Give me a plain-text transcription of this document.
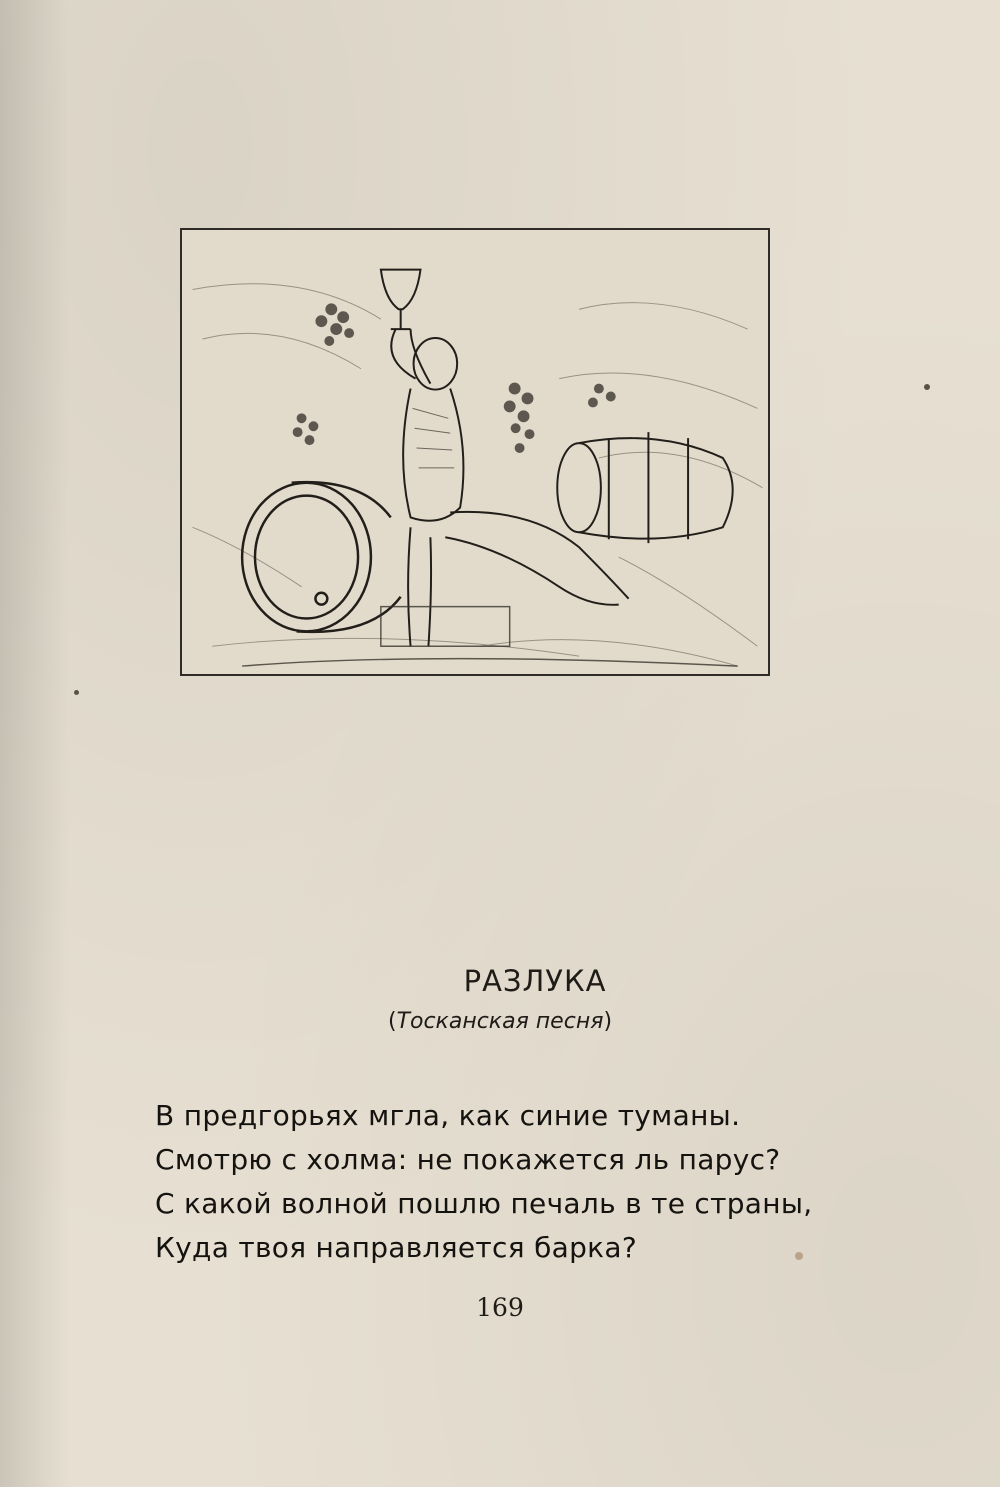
РАЗЛУКА
(Тосканская песня)
В предгорьях мгла, как синие туманы.
Смотрю с холма: не покажется ль парус?
С какой волной пошлю печаль в те страны,
Куда твоя направляется барка?
169
